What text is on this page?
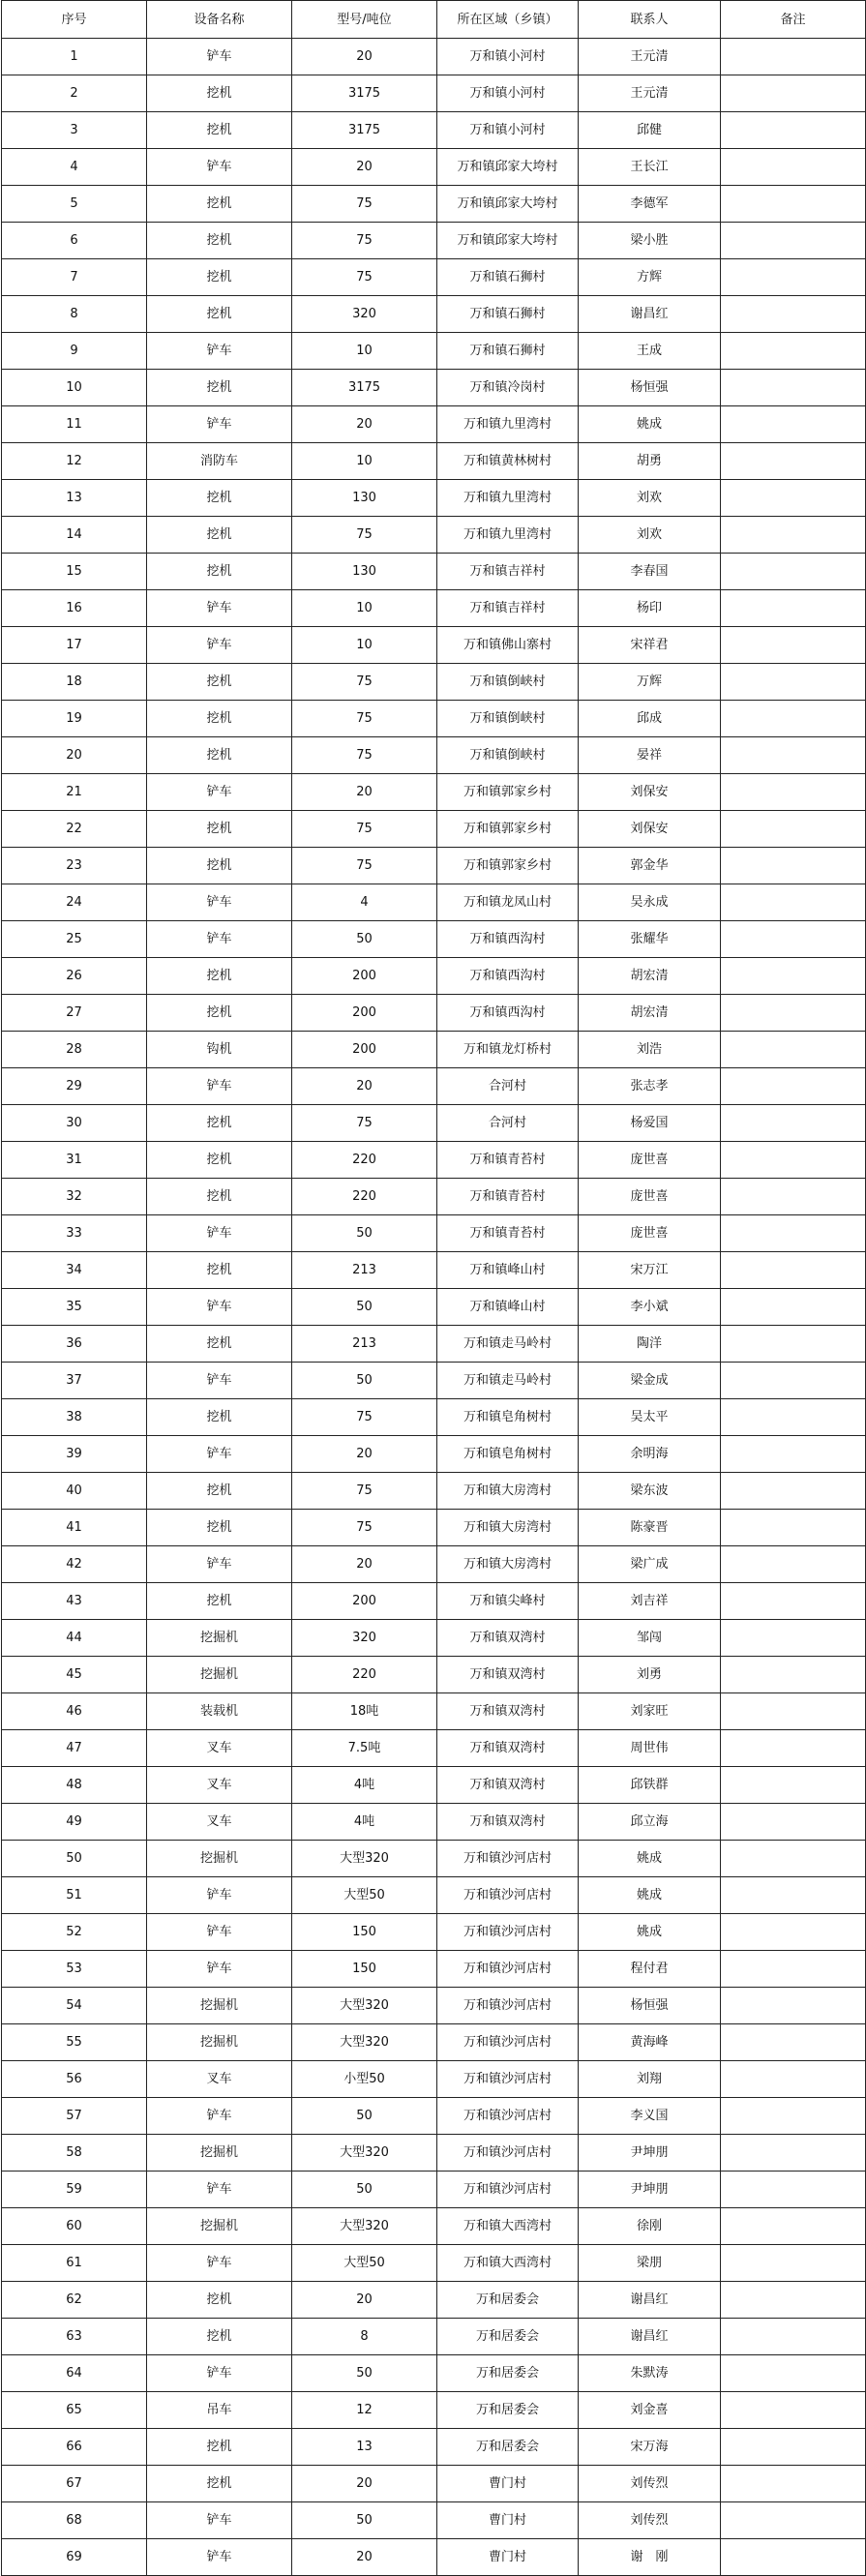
序号	设备名称	型号/吨位	所在区域（乡镇）	联系人	备注
1	铲车	20	万和镇小河村	王元清	
2	挖机	3175	万和镇小河村	王元清	
3	挖机	3175	万和镇小河村	邱健	
4	铲车	20	万和镇邱家大垮村	王长江	
5	挖机	75	万和镇邱家大垮村	李德军	
6	挖机	75	万和镇邱家大垮村	梁小胜	
7	挖机	75	万和镇石狮村	方辉	
8	挖机	320	万和镇石狮村	谢昌红	
9	铲车	10	万和镇石狮村	王成	
10	挖机	3175	万和镇冷岗村	杨恒强	
11	铲车	20	万和镇九里湾村	姚成	
12	消防车	10	万和镇黄林树村	胡勇	
13	挖机	130	万和镇九里湾村	刘欢	
14	挖机	75	万和镇九里湾村	刘欢	
15	挖机	130	万和镇吉祥村	李春国	
16	铲车	10	万和镇吉祥村	杨印	
17	铲车	10	万和镇佛山寨村	宋祥君	
18	挖机	75	万和镇倒峡村	万辉	
19	挖机	75	万和镇倒峡村	邱成	
20	挖机	75	万和镇倒峡村	晏祥	
21	铲车	20	万和镇郭家乡村	刘保安	
22	挖机	75	万和镇郭家乡村	刘保安	
23	挖机	75	万和镇郭家乡村	郭金华	
24	铲车	4	万和镇龙凤山村	吴永成	
25	铲车	50	万和镇西沟村	张耀华	
26	挖机	200	万和镇西沟村	胡宏清	
27	挖机	200	万和镇西沟村	胡宏清	
28	钩机	200	万和镇龙灯桥村	刘浩	
29	铲车	20	合河村	张志孝	
30	挖机	75	合河村	杨爱国	
31	挖机	220	万和镇青苔村	庞世喜	
32	挖机	220	万和镇青苔村	庞世喜	
33	铲车	50	万和镇青苔村	庞世喜	
34	挖机	213	万和镇峰山村	宋万江	
35	铲车	50	万和镇峰山村	李小斌	
36	挖机	213	万和镇走马岭村	陶洋	
37	铲车	50	万和镇走马岭村	梁金成	
38	挖机	75	万和镇皂角树村	吴太平	
39	铲车	20	万和镇皂角树村	余明海	
40	挖机	75	万和镇大房湾村	梁东波	
41	挖机	75	万和镇大房湾村	陈豪晋	
42	铲车	20	万和镇大房湾村	梁广成	
43	挖机	200	万和镇尖峰村	刘吉祥	
44	挖掘机	320	万和镇双湾村	邹闯	
45	挖掘机	220	万和镇双湾村	刘勇	
46	装载机	18吨	万和镇双湾村	刘家旺	
47	叉车	7.5吨	万和镇双湾村	周世伟	
48	叉车	4吨	万和镇双湾村	邱铁群	
49	叉车	4吨	万和镇双湾村	邱立海	
50	挖掘机	大型320	万和镇沙河店村	姚成	
51	铲车	大型50	万和镇沙河店村	姚成	
52	铲车	150	万和镇沙河店村	姚成	
53	铲车	150	万和镇沙河店村	程付君	
54	挖掘机	大型320	万和镇沙河店村	杨恒强	
55	挖掘机	大型320	万和镇沙河店村	黄海峰	
56	叉车	小型50	万和镇沙河店村	刘翔	
57	铲车	50	万和镇沙河店村	李义国	
58	挖掘机	大型320	万和镇沙河店村	尹坤朋	
59	铲车	50	万和镇沙河店村	尹坤朋	
60	挖掘机	大型320	万和镇大西湾村	徐刚	
61	铲车	大型50	万和镇大西湾村	梁朋	
62	挖机	20	万和居委会	谢昌红	
63	挖机	8	万和居委会	谢昌红	
64	铲车	50	万和居委会	朱默涛	
65	吊车	12	万和居委会	刘金喜	
66	挖机	13	万和居委会	宋万海	
67	挖机	20	曹门村	刘传烈	
68	铲车	50	曹门村	刘传烈	
69	铲车	20	曹门村	谢　刚	
